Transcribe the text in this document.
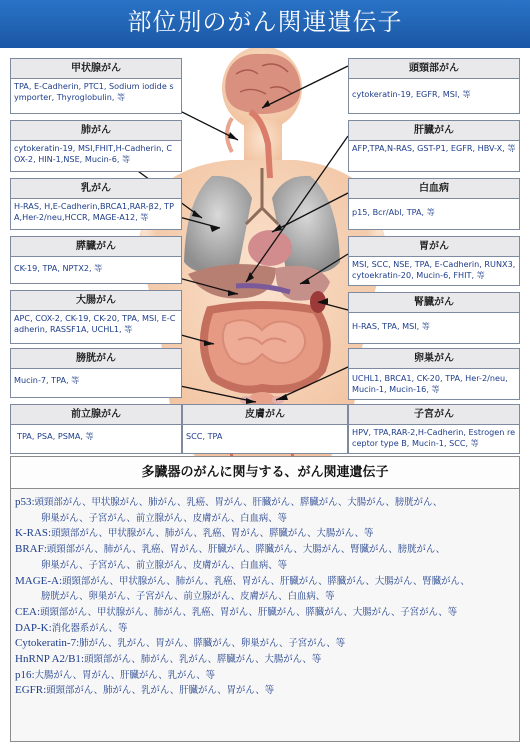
部位別のがん関連遺伝子
甲状腺がん
TPA, E-Cadherin, PTC1, Sodium iodide symporter, Thyroglobulin, 等
肺がん
cytokeratin-19, MSI,FHIT,H-Cadherin, COX-2, HIN-1,NSE, Mucin-6, 等
乳がん
H-RAS, H,E-Cadherin,BRCA1,RAR-β2, TPA,Her-2/neu,HCCR, MAGE-A12, 等
膵臓がん
CK-19, TPA, NPTX2, 等
大腸がん
APC, COX-2, CK-19, CK-20, TPA, MSI, E-Cadherin, RASSF1A, UCHL1, 等
膀胱がん
Mucin-7, TPA, 等
前立腺がん
TPA, PSA, PSMA, 等
皮膚がん
SCC, TPA
頭頸部がん
cytokeratin-19, EGFR, MSI, 等
肝臓がん
AFP,TPA,N-RAS, GST-P1, EGFR, HBV-X, 等
白血病
p15, Bcr/Abl, TPA, 等
胃がん
MSI, SCC, NSE, TPA, E-Cadherin, RUNX3, cytoekratin-20, Mucin-6, FHIT, 等
腎臓がん
H-RAS, TPA, MSI, 等
卵巣がん
UCHL1, BRCA1, CK-20, TPA, Her-2/neu, Mucin-1, Mucin-16, 等
子宮がん
HPV, TPA,RAR-2,H-Cadherin, Estrogen receptor type B, Mucin-1, SCC, 等
多臓器のがんに関与する、がん関連遺伝子
p53:頭頸部がん、甲状腺がん、肺がん、乳癌、胃がん、肝臓がん、膵臓がん、大腸がん、膀胱がん、
卵巣がん、子宮がん、前立腺がん、皮膚がん、白血病、等
K-RAS:頭頸部がん、甲状腺がん、肺がん、乳癌、胃がん、膵臓がん、大腸がん、等
BRAF:頭頸部がん、肺がん、乳癌、胃がん、肝臓がん、膵臓がん、大腸がん、腎臓がん、膀胱がん、
卵巣がん、子宮がん、前立腺がん、皮膚がん、白血病、等
MAGE-A:頭頸部がん、甲状腺がん、肺がん、乳癌、胃がん、肝臓がん、膵臓がん、大腸がん、腎臓がん、
膀胱がん、卵巣がん、子宮がん、前立腺がん、皮膚がん、白血病、等
CEA:頭頸部がん、甲状腺がん、肺がん、乳癌、胃がん、肝臓がん、膵臓がん、大腸がん、子宮がん、等
DAP-K:消化器系がん、等
Cytokeratin-7:肺がん、乳がん、胃がん、膵臓がん、卵巣がん、子宮がん、等
HnRNP A2/B1:頭頸部がん、肺がん、乳がん、膵臓がん、大腸がん、等
p16:大腸がん、胃がん、肝臓がん、乳がん、等
EGFR:頭頸部がん、肺がん、乳がん、肝臓がん、胃がん、等
